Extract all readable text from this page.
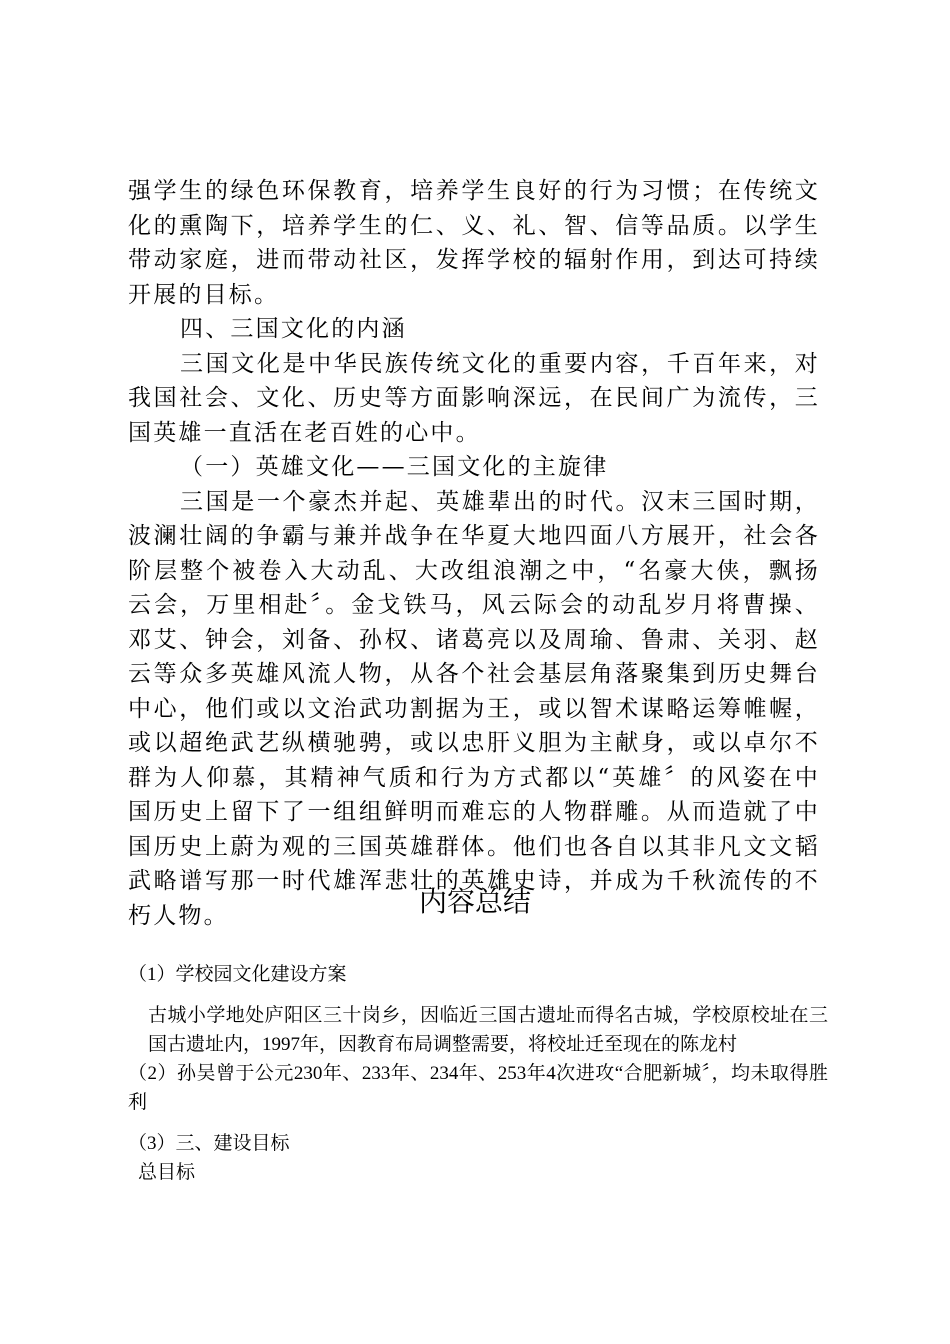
强学生的绿色环保教育，培养学生良好的行为习惯；在传统文化的熏陶下，培养学生的仁、义、礼、智、信等品质。以学生带动家庭，进而带动社区，发挥学校的辐射作用，到达可持续开展的目标。

四、三国文化的内涵

三国文化是中华民族传统文化的重要内容，千百年来，对我国社会、文化、历史等方面影响深远，在民间广为流传，三国英雄一直活在老百姓的心中。

（一）英雄文化——三国文化的主旋律

三国是一个豪杰并起、英雄辈出的时代。汉末三国时期，波澜壮阔的争霸与兼并战争在华夏大地四面八方展开，社会各阶层整个被卷入大动乱、大改组浪潮之中，“名豪大侠，飘扬云会，万里相赴〞。金戈铁马，风云际会的动乱岁月将曹操、邓艾、钟会，刘备、孙权、诸葛亮以及周瑜、鲁肃、关羽、赵云等众多英雄风流人物，从各个社会基层角落聚集到历史舞台中心，他们或以文治武功割据为王，或以智术谋略运筹帷幄，或以超绝武艺纵横驰骋，或以忠肝义胆为主献身，或以卓尔不群为人仰慕，其精神气质和行为方式都以“英雄〞的风姿在中国历史上留下了一组组鲜明而难忘的人物群雕。从而造就了中国历史上蔚为观的三国英雄群体。他们也各自以其非凡文文韬武略谱写那一时代雄浑悲壮的英雄史诗，并成为千秋流传的不朽人物。	内容总结

（1）学校园文化建设方案

古城小学地处庐阳区三十岗乡，因临近三国古遗址而得名古城，学校原校址在三国古遗址内，1997年，因教育布局调整需要，将校址迁至现在的陈龙村

（2）孙吴曾于公元230年、233年、234年、253年4次进攻“合肥新城〞，均未取得胜利

（3）三、建设目标

总目标
